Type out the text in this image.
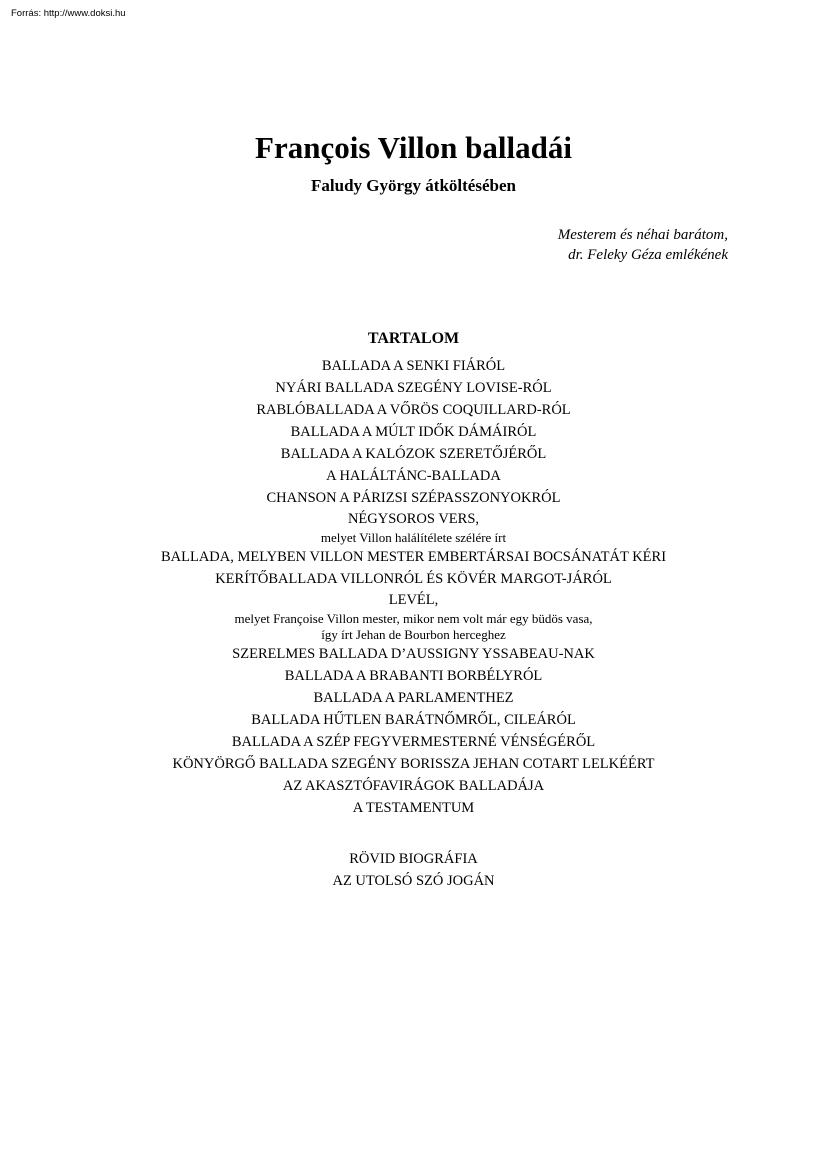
Forrás: http://www.doksi.hu
François Villon balladái
Faludy György átköltésében
Mesterem és néhai barátom,
dr. Feleky Géza emlékének
TARTALOM
BALLADA A SENKI FIÁRÓL
NYÁRI BALLADA SZEGÉNY LOVISE-RÓL
RABLÓBALLADA A VŐRÖS COQUILLARD-RÓL
BALLADA A MÚLT IDŐK DÁMÁIRÓL
BALLADA A KALÓZOK SZERETŐJÉRŐL
A HALÁLTÁNC-BALLADA
CHANSON A PÁRIZSI SZÉPASSZONYOKRÓL
NÉGYSOROS VERS,
melyet Villon halálítélete szélére írt
BALLADA, MELYBEN VILLON MESTER EMBERTÁRSAI BOCSÁNATÁT KÉRI
KERÍTŐBALLADA VILLONRÓL ÉS KÖVÉR MARGOT-JÁRÓL
LEVÉL,
melyet Françoise Villon mester, mikor nem volt már egy büdös vasa,
így írt Jehan de Bourbon herceghez
SZERELMES BALLADA D’AUSSIGNY YSSABEAU-NAK
BALLADA A BRABANTI BORBÉLYRÓL
BALLADA A PARLAMENTHEZ
BALLADA HŰTLEN BARÁTNŐMRŐL, CILEÁRÓL
BALLADA A SZÉP FEGYVERMESTERNÉ VÉNSÉGÉRŐL
KÖNYÖRGŐ BALLADA SZEGÉNY BORISSZA JEHAN COTART LELKÉÉRT
AZ AKASZTÓFAVIRÁGOK BALLADÁJA
A TESTAMENTUM
RÖVID BIOGRÁFIA
AZ UTOLSÓ SZÓ JOGÁN
